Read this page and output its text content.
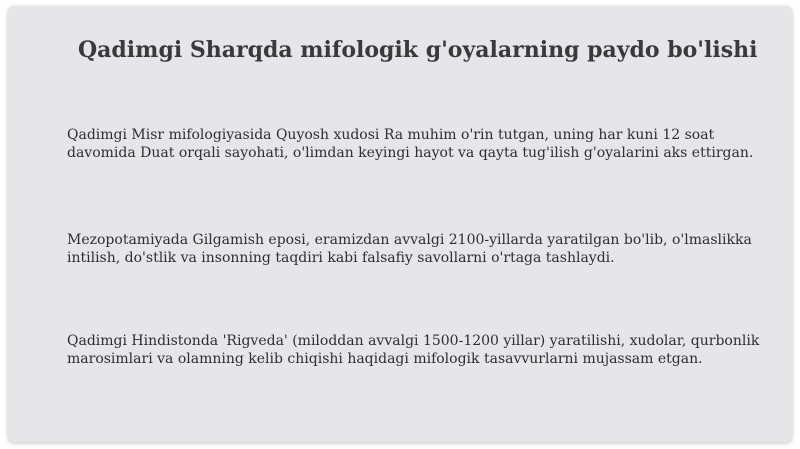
Qadimgi Sharqda mifologik g'oyalarning paydo bo'lishi

Qadimgi Misr mifologiyasida Quyosh xudosi Ra muhim o'rin tutgan, uning har kuni 12 soat davomida Duat orqali sayohati, o'limdan keyingi hayot va qayta tug'ilish g'oyalarini aks ettirgan.

Mezopotamiyada Gilgamish eposi, eramizdan avvalgi 2100-yillarda yaratilgan bo'lib, o'lmaslikka intilish, do'stlik va insonning taqdiri kabi falsafiy savollarni o'rtaga tashlaydi.

Qadimgi Hindistonda 'Rigveda' (miloddan avvalgi 1500-1200 yillar) yaratilishi, xudolar, qurbonlik marosimlari va olamning kelib chiqishi haqidagi mifologik tasavvurlarni mujassam etgan.
